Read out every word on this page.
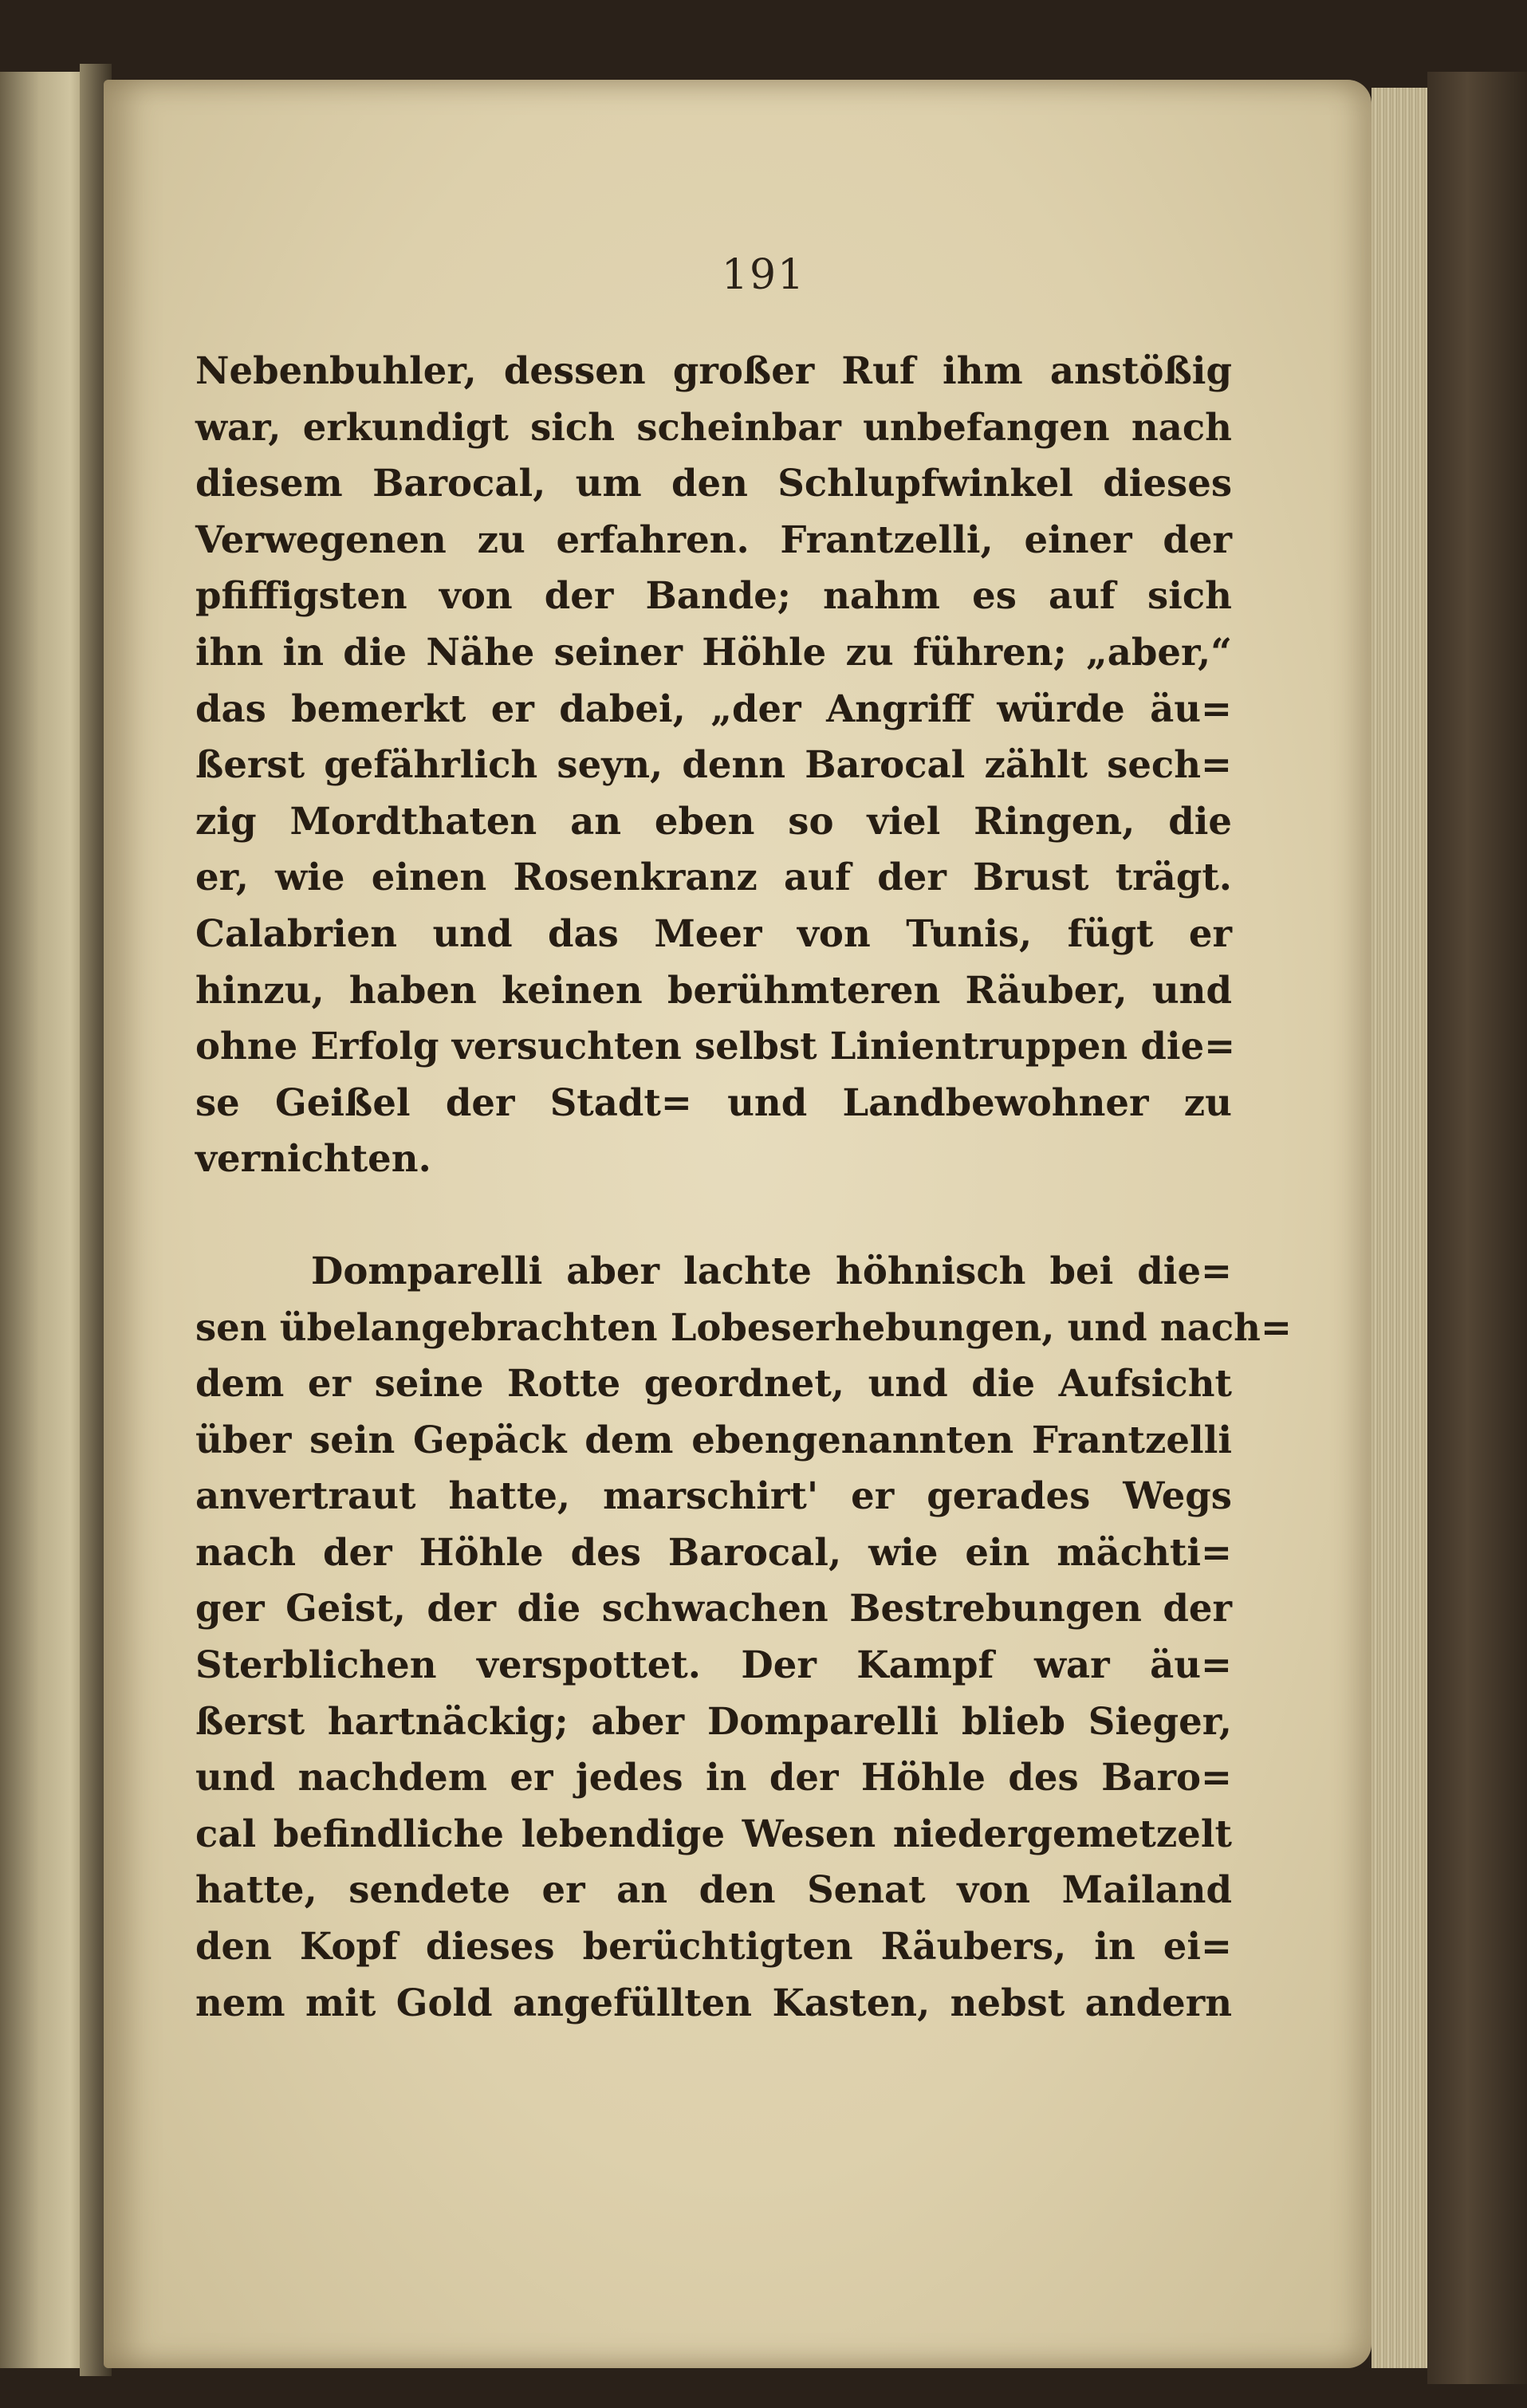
191
Nebenbuhler, dessen großer Ruf ihm anstößig
war, erkundigt sich scheinbar unbefangen nach
diesem Barocal, um den Schlupfwinkel dieses
Verwegenen zu erfahren. Frantzelli, einer der
pfiffigsten von der Bande; nahm es auf sich
ihn in die Nähe seiner Höhle zu führen; „aber,“
das bemerkt er dabei, „der Angriff würde äu=
ßerst gefährlich seyn, denn Barocal zählt sech=
zig Mordthaten an eben so viel Ringen, die
er, wie einen Rosenkranz auf der Brust trägt.
Calabrien und das Meer von Tunis, fügt er
hinzu, haben keinen berühmteren Räuber, und
ohne Erfolg versuchten selbst Linientruppen die=
se Geißel der Stadt= und Landbewohner zu
vernichten.
Domparelli aber lachte höhnisch bei die=
sen übelangebrachten Lobeserhebungen, und nach=
dem er seine Rotte geordnet, und die Aufsicht
über sein Gepäck dem ebengenannten Frantzelli
anvertraut hatte, marschirt' er gerades Wegs
nach der Höhle des Barocal, wie ein mächti=
ger Geist, der die schwachen Bestrebungen der
Sterblichen verspottet. Der Kampf war äu=
ßerst hartnäckig; aber Domparelli blieb Sieger,
und nachdem er jedes in der Höhle des Baro=
cal befindliche lebendige Wesen niedergemetzelt
hatte, sendete er an den Senat von Mailand
den Kopf dieses berüchtigten Räubers, in ei=
nem mit Gold angefüllten Kasten, nebst andern
